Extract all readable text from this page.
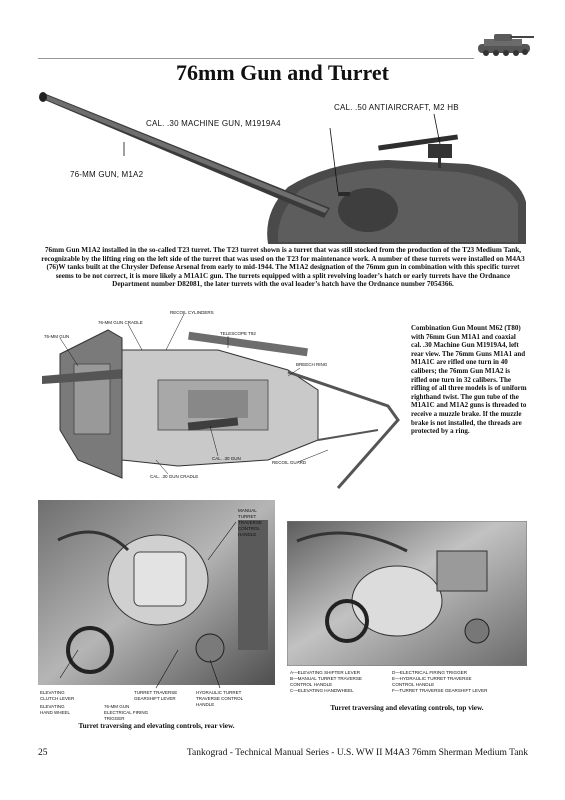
76mm Gun and Turret
CAL. .50 ANTIAIRCRAFT, M2 HB
CAL. .30 MACHINE GUN, M1919A4
76-MM GUN, M1A2
76mm Gun M1A2 installed in the so-called T23 turret. The T23 turret shown is a turret that was still stocked from the production of the T23 Medium Tank, recognizable by the lifting ring on the left side of the turret that was used on the T23 for maintenance work. A number of these turrets were installed on M4A3 (76)W tanks built at the Chrysler Defense Arsenal from early to mid-1944. The M1A2 designation of the 76mm gun in combination with this specific turret seems to be not correct, it is more likely a M1A1C gun. The turrets equipped with a split revolving loader’s hatch or early turrets have the Ordnance Department number D82081, the later turrets with the oval loader’s hatch have the Ordnance number 7054366.
RECOIL CYLINDERS
76-MM GUN CRADLE
76-MM GUN
TELESCOPE T92
BREECH RING
CAL. .30 GUN
RECOIL GUARD
CAL. .30 GUN CRADLE
Combination Gun Mount M62 (T80) with 76mm Gun M1A1 and coaxial cal. .30 Machine Gun M1919A4, left rear view. The 76mm Guns M1A1 and M1A1C are rifled one turn in 40 calibers; the 76mm Gun M1A2 is rifled one turn in 32 calibers. The rifling of all three models is of uniform righthand twist. The gun tube of the M1A1C and M1A2 guns is threaded to receive a muzzle brake. If the muzzle brake is not installed, the threads are protected by a ring.
MANUAL TURRET TRAVERSE CONTROL HANDLE
ELEVATING CLUTCH LEVER
ELEVATING HAND WHEEL
TURRET TRAVERSE GEARSHIFT LEVER
HYDRAULIC TURRET TRAVERSE CONTROL HANDLE
76-MM GUN ELECTRICAL FIRING TRIGGER
Turret traversing and elevating controls, rear view.
A—ELEVATING SHIFTER LEVER
B—MANUAL TURRET TRAVERSE
CONTROL HANDLE
C—ELEVATING HANDWHEEL
D—ELECTRICAL FIRING TRIGGER
E—HYDRAULIC TURRET TRAVERSE
CONTROL HANDLE
F—TURRET TRAVERSE GEARSHIFT LEVER
Turret traversing and elevating controls, top view.
25	Tankograd - Technical Manual Series - U.S. WW II M4A3 76mm Sherman Medium Tank
